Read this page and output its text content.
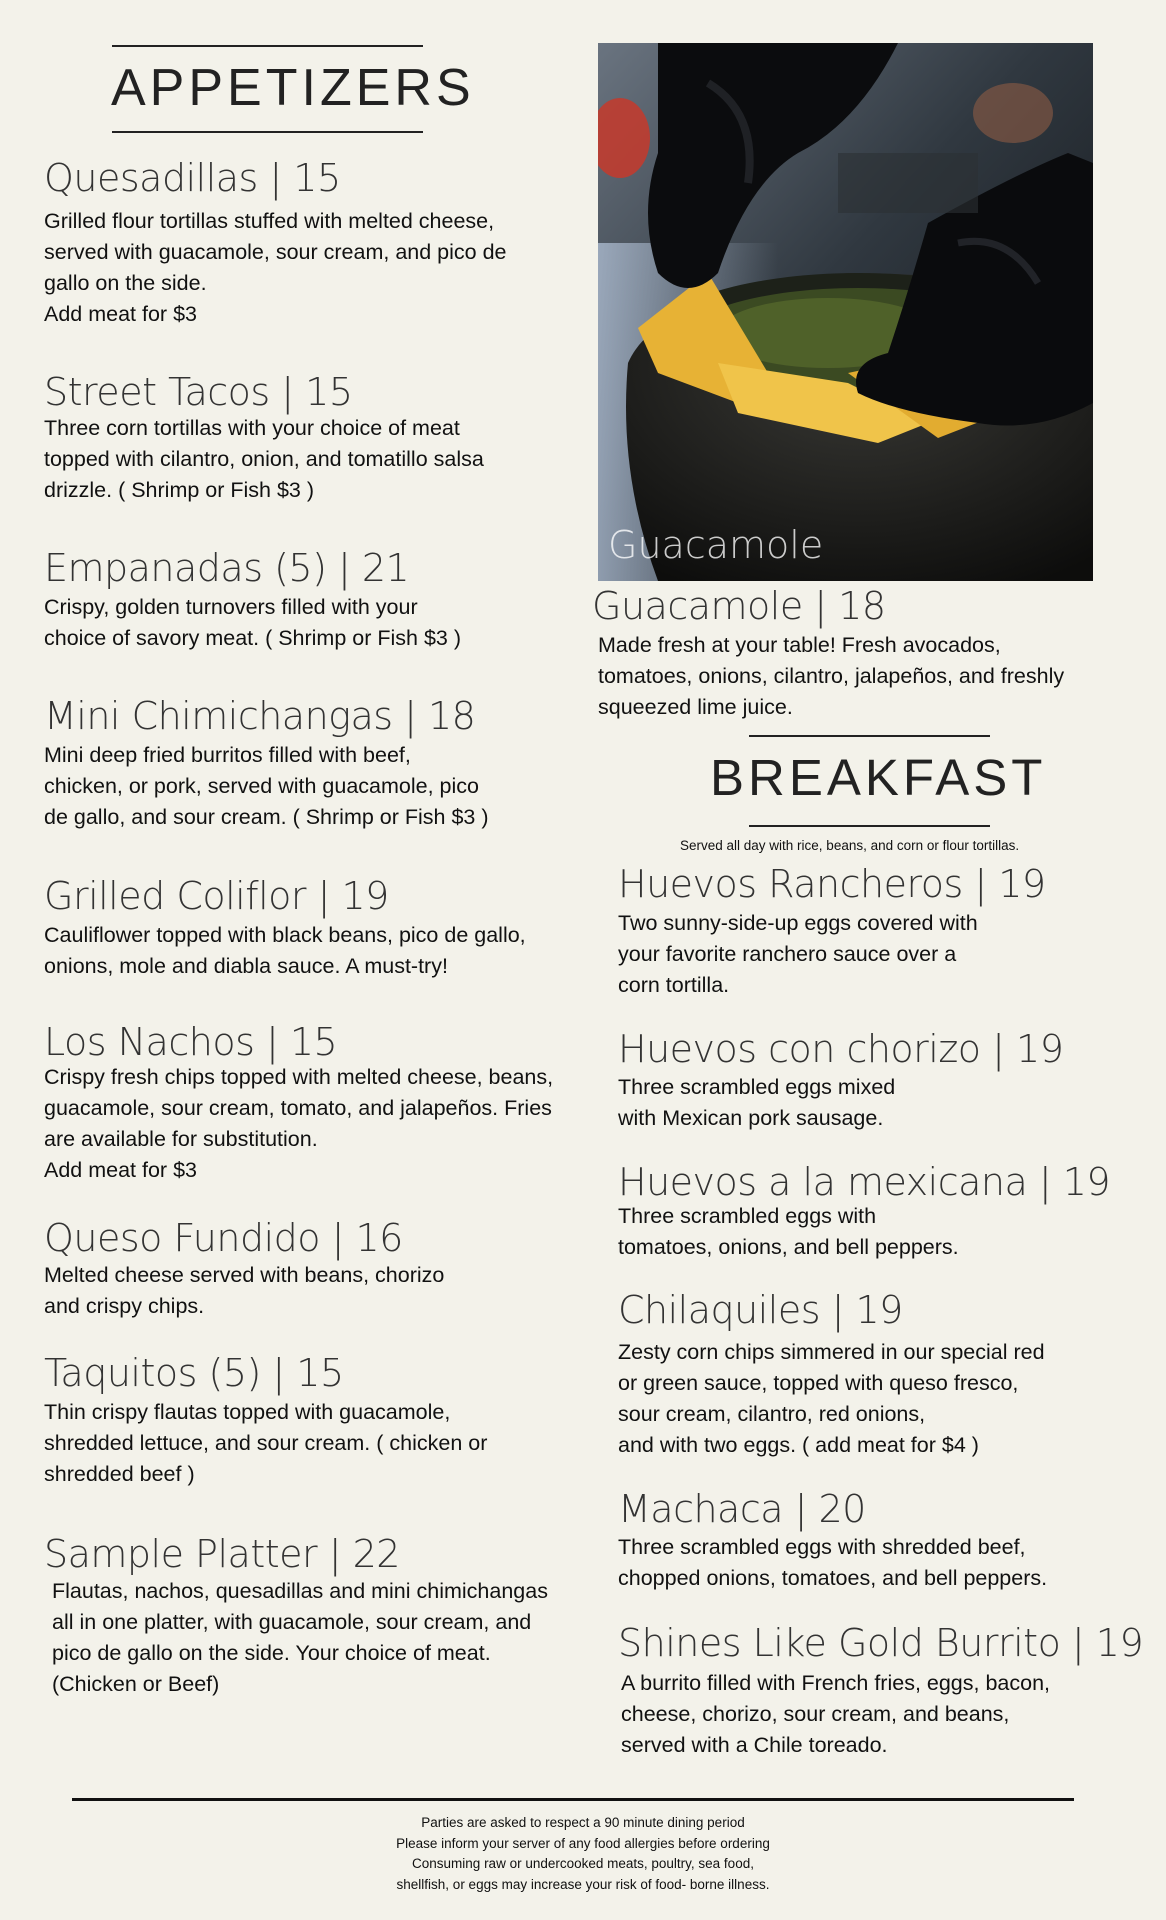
APPETIZERS
Quesadillas | 15
Grilled flour tortillas stuffed with melted cheese,
served with guacamole, sour cream, and pico de
gallo on the side.
Add meat for $3
Street Tacos | 15
Three corn tortillas with your choice of meat
topped with cilantro, onion, and tomatillo salsa
drizzle. ( Shrimp or Fish $3 )
Empanadas (5) | 21
Crispy, golden turnovers filled with your
choice of savory meat. ( Shrimp or Fish $3 )
Mini Chimichangas | 18
Mini deep fried burritos filled with beef,
chicken, or pork, served with guacamole, pico
de gallo, and sour cream. ( Shrimp or Fish $3 )
Grilled Coliflor | 19
Cauliflower topped with black beans, pico de gallo,
onions, mole and diabla sauce. A must-try!
Los Nachos | 15
Crispy fresh chips topped with melted cheese, beans,
guacamole, sour cream, tomato, and jalapeños. Fries
are available for substitution.
Add meat for $3
Queso Fundido | 16
Melted cheese served with beans, chorizo
and crispy chips.
Taquitos (5) | 15
Thin crispy flautas topped with guacamole,
shredded lettuce, and sour cream. ( chicken or
shredded beef )
Sample Platter | 22
Flautas, nachos, quesadillas and mini chimichangas
all in one platter, with guacamole, sour cream, and
pico de gallo on the side. Your choice of meat.
(Chicken or Beef)
Guacamole
Guacamole | 18
Made fresh at your table! Fresh avocados,
tomatoes, onions, cilantro, jalapeños, and freshly
squeezed lime juice.
BREAKFAST
Served all day with rice, beans, and corn or flour tortillas.
Huevos Rancheros | 19
Two sunny-side-up eggs covered with
your favorite ranchero sauce over a
corn tortilla.
Huevos con chorizo | 19
Three scrambled eggs mixed
with Mexican pork sausage.
Huevos a la mexicana | 19
Three scrambled eggs with
tomatoes, onions, and bell peppers.
Chilaquiles | 19
Zesty corn chips simmered in our special red
or green sauce, topped with queso fresco,
sour cream, cilantro, red onions,
and with two eggs. ( add meat for $4 )
Machaca | 20
Three scrambled eggs with shredded beef,
chopped onions, tomatoes, and bell peppers.
Shines Like Gold Burrito | 19
A burrito filled with French fries, eggs, bacon,
cheese, chorizo, sour cream, and beans,
served with a Chile toreado.
Parties are asked to respect a 90 minute dining period
Please inform your server of any food allergies before ordering
Consuming raw or undercooked meats, poultry, sea food,
shellfish, or eggs may increase your risk of food- borne illness.
